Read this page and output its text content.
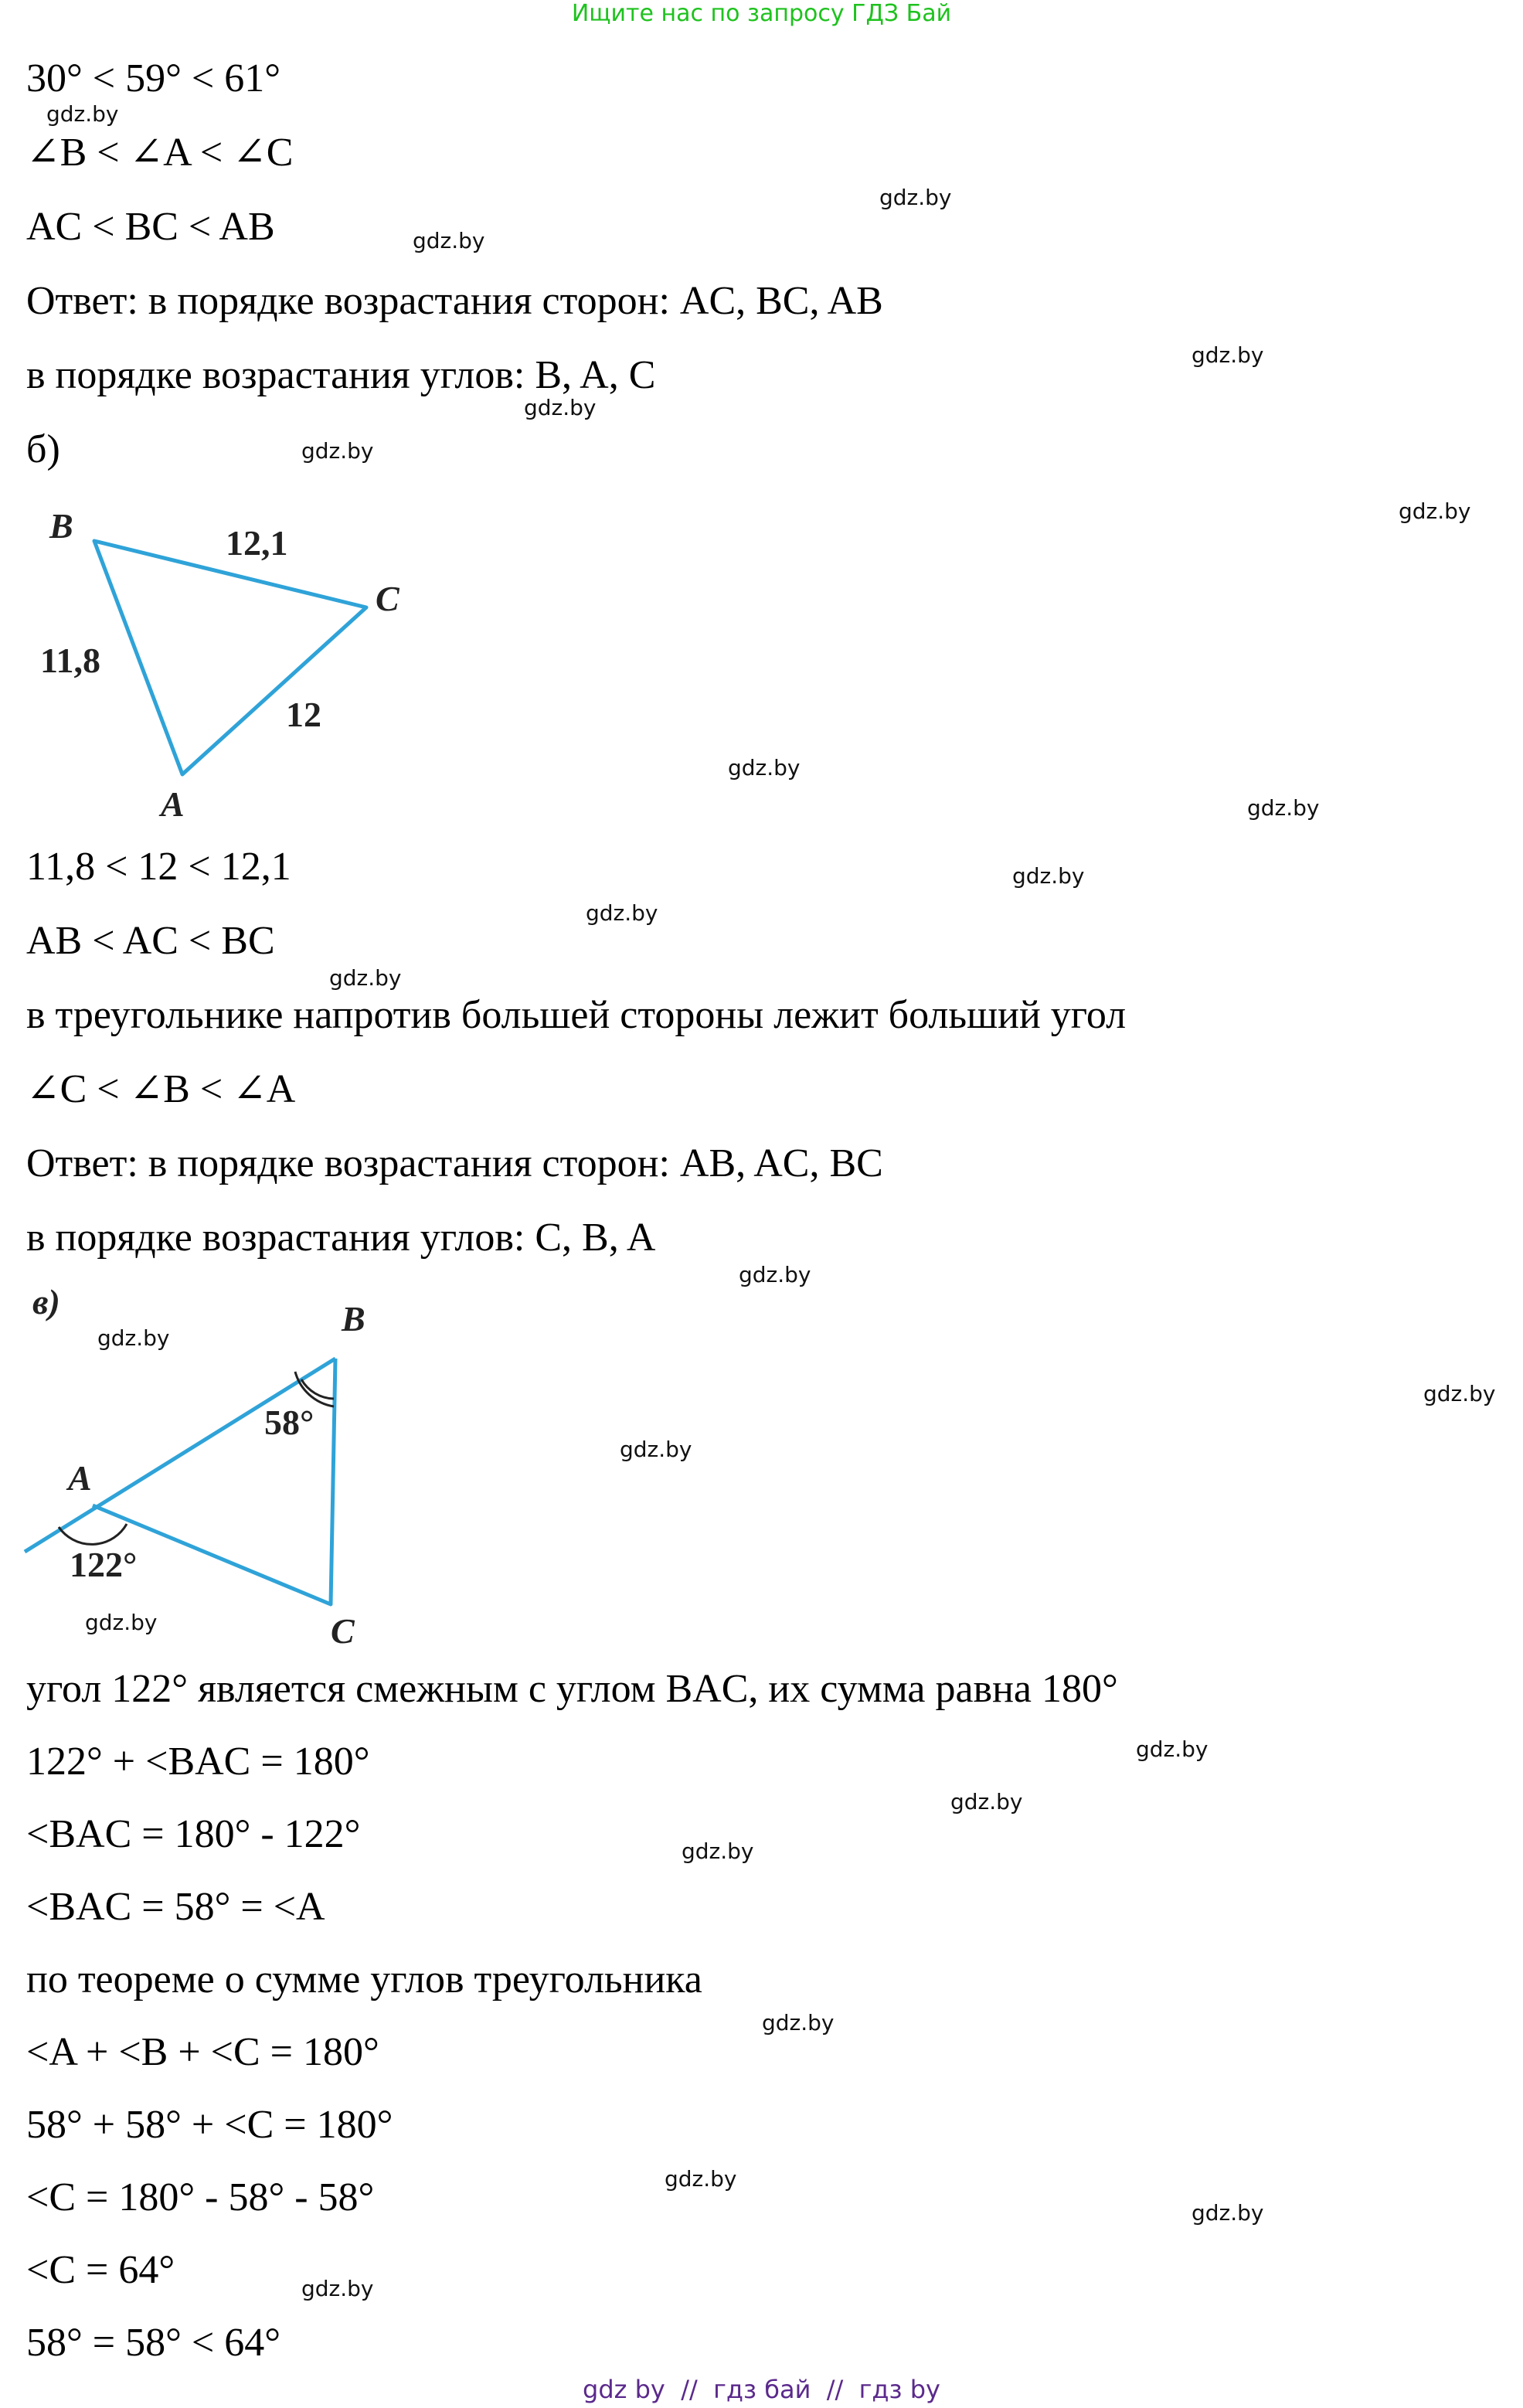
Ищите нас по запросу ГДЗ Бай
30° < 59° < 61°
∠B < ∠A < ∠C
AC < BC < AB
Ответ: в порядке возрастания сторон: AC, BC, AB
в порядке возрастания углов: B, A, C
б)
B
C
A
12,1
11,8
12
11,8 < 12 < 12,1
AB < AC < BC
в треугольнике напротив большей стороны лежит больший угол
∠C < ∠B < ∠A
Ответ: в порядке возрастания сторон: AB, AC, BC
в порядке возрастания углов: C, B, A
в)	B
A
C
58°
122°
угол 122° является смежным с углом BAC, их сумма равна 180°
122° + <BAC = 180°
<BAC = 180° - 122°
<BAC = 58° = <A
по теореме о сумме углов треугольника
<A + <B + <C = 180°
58° + 58° + <C = 180°
<C = 180° - 58° - 58°
<C = 64°
58° = 58° < 64°
gdz.by
gdz.by
gdz.by
gdz.by
gdz.by
gdz.by
gdz.by
gdz.by
gdz.by
gdz.by
gdz.by
gdz.by
gdz.by
gdz.by
gdz.by
gdz.by
gdz.by
gdz.by
gdz.by
gdz.by
gdz.by
gdz.by
gdz.by
gdz.by
gdz by  //  гдз бай  //  гдз by
